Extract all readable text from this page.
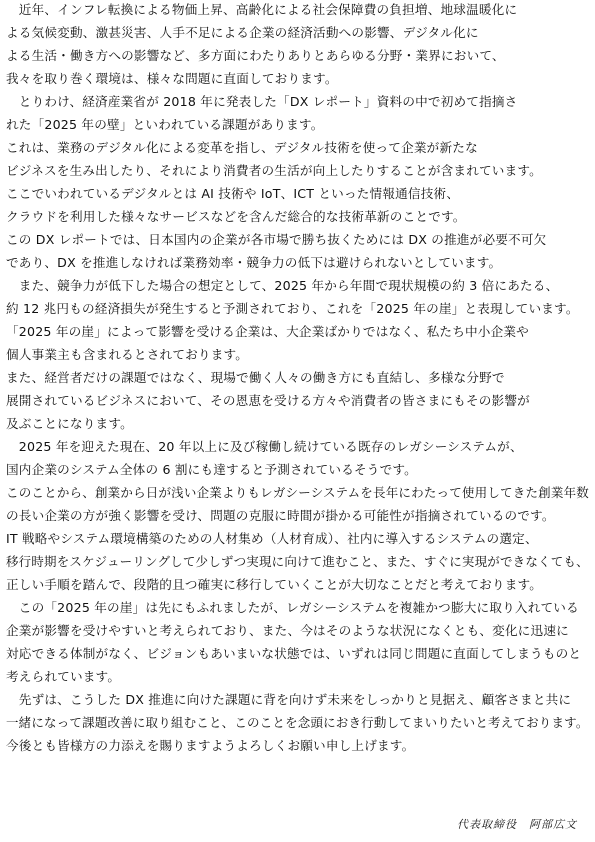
　近年、インフレ転換による物価上昇、高齢化による社会保障費の負担増、地球温暖化に
よる気候変動、激甚災害、人手不足による企業の経済活動への影響、デジタル化に
よる生活・働き方への影響など、多方面にわたりありとあらゆる分野・業界において、
我々を取り巻く環境は、様々な問題に直面しております。
　とりわけ、経済産業省が 2018 年に発表した「DX レポート」資料の中で初めて指摘さ
れた「2025 年の壁」といわれている課題があります。
これは、業務のデジタル化による変革を指し、デジタル技術を使って企業が新たな
ビジネスを生み出したり、それにより消費者の生活が向上したりすることが含まれています。
ここでいわれているデジタルとは AI 技術や IoT、ICT といった情報通信技術、
クラウドを利用した様々なサービスなどを含んだ総合的な技術革新のことです。
この DX レポートでは、日本国内の企業が各市場で勝ち抜くためには DX の推進が必要不可欠
であり、DX を推進しなければ業務効率・競争力の低下は避けられないとしています。
　また、競争力が低下した場合の想定として、2025 年から年間で現状規模の約 3 倍にあたる、
約 12 兆円もの経済損失が発生すると予測されており、これを「2025 年の崖」と表現しています。
「2025 年の崖」によって影響を受ける企業は、大企業ばかりではなく、私たち中小企業や
個人事業主も含まれるとされております。
また、経営者だけの課題ではなく、現場で働く人々の働き方にも直結し、多様な分野で
展開されているビジネスにおいて、その恩恵を受ける方々や消費者の皆さまにもその影響が
及ぶことになります。
　2025 年を迎えた現在、20 年以上に及び稼働し続けている既存のレガシーシステムが、
国内企業のシステム全体の 6 割にも達すると予測されているそうです。
このことから、創業から日が浅い企業よりもレガシーシステムを長年にわたって使用してきた創業年数
の長い企業の方が強く影響を受け、問題の克服に時間が掛かる可能性が指摘されているのです。
IT 戦略やシステム環境構築のための人材集め（人材育成）、社内に導入するシステムの選定、
移行時期をスケジューリングして少しずつ実現に向けて進むこと、また、すぐに実現ができなくても、
正しい手順を踏んで、段階的且つ確実に移行していくことが大切なことだと考えております。
　この「2025 年の崖」は先にもふれましたが、レガシーシステムを複雑かつ膨大に取り入れている
企業が影響を受けやすいと考えられており、また、今はそのような状況になくとも、変化に迅速に
対応できる体制がなく、ビジョンもあいまいな状態では、いずれは同じ問題に直面してしまうものと
考えられています。
　先ずは、こうした DX 推進に向けた課題に背を向けず未来をしっかりと見据え、顧客さまと共に
一緒になって課題改善に取り組むこと、このことを念頭におき行動してまいりたいと考えております。
今後とも皆様方の力添えを賜りますようよろしくお願い申し上げます。
代表取締役　阿部広文
